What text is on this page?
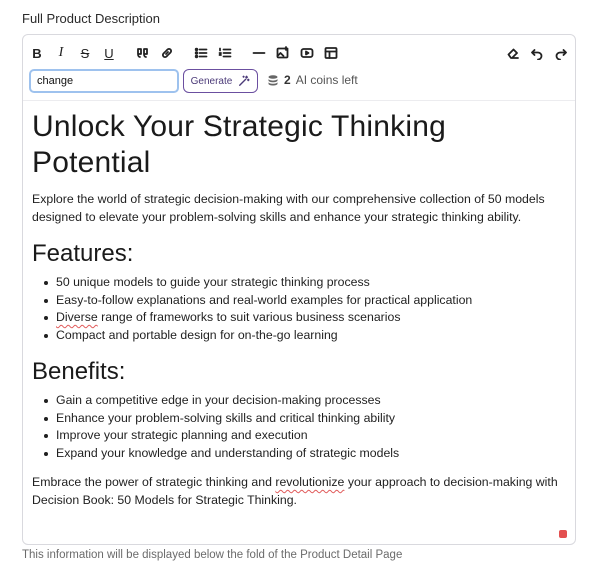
Full Product Description
B	I	S	U
change
Generate	2 AI coins left
Unlock Your Strategic Thinking Potential

Explore the world of strategic decision-making with our comprehensive collection of 50 models designed to elevate your problem-solving skills and enhance your strategic thinking ability.

Features:
50 unique models to guide your strategic thinking process
Easy-to-follow explanations and real-world examples for practical application
Diverse range of frameworks to suit various business scenarios
Compact and portable design for on-the-go learning
Benefits:
Gain a competitive edge in your decision-making processes
Enhance your problem-solving skills and critical thinking ability
Improve your strategic planning and execution
Expand your knowledge and understanding of strategic models

Embrace the power of strategic thinking and revolutionize your approach to decision-making with Decision Book: 50 Models for Strategic Thinking.

This information will be displayed below the fold of the Product Detail Page
